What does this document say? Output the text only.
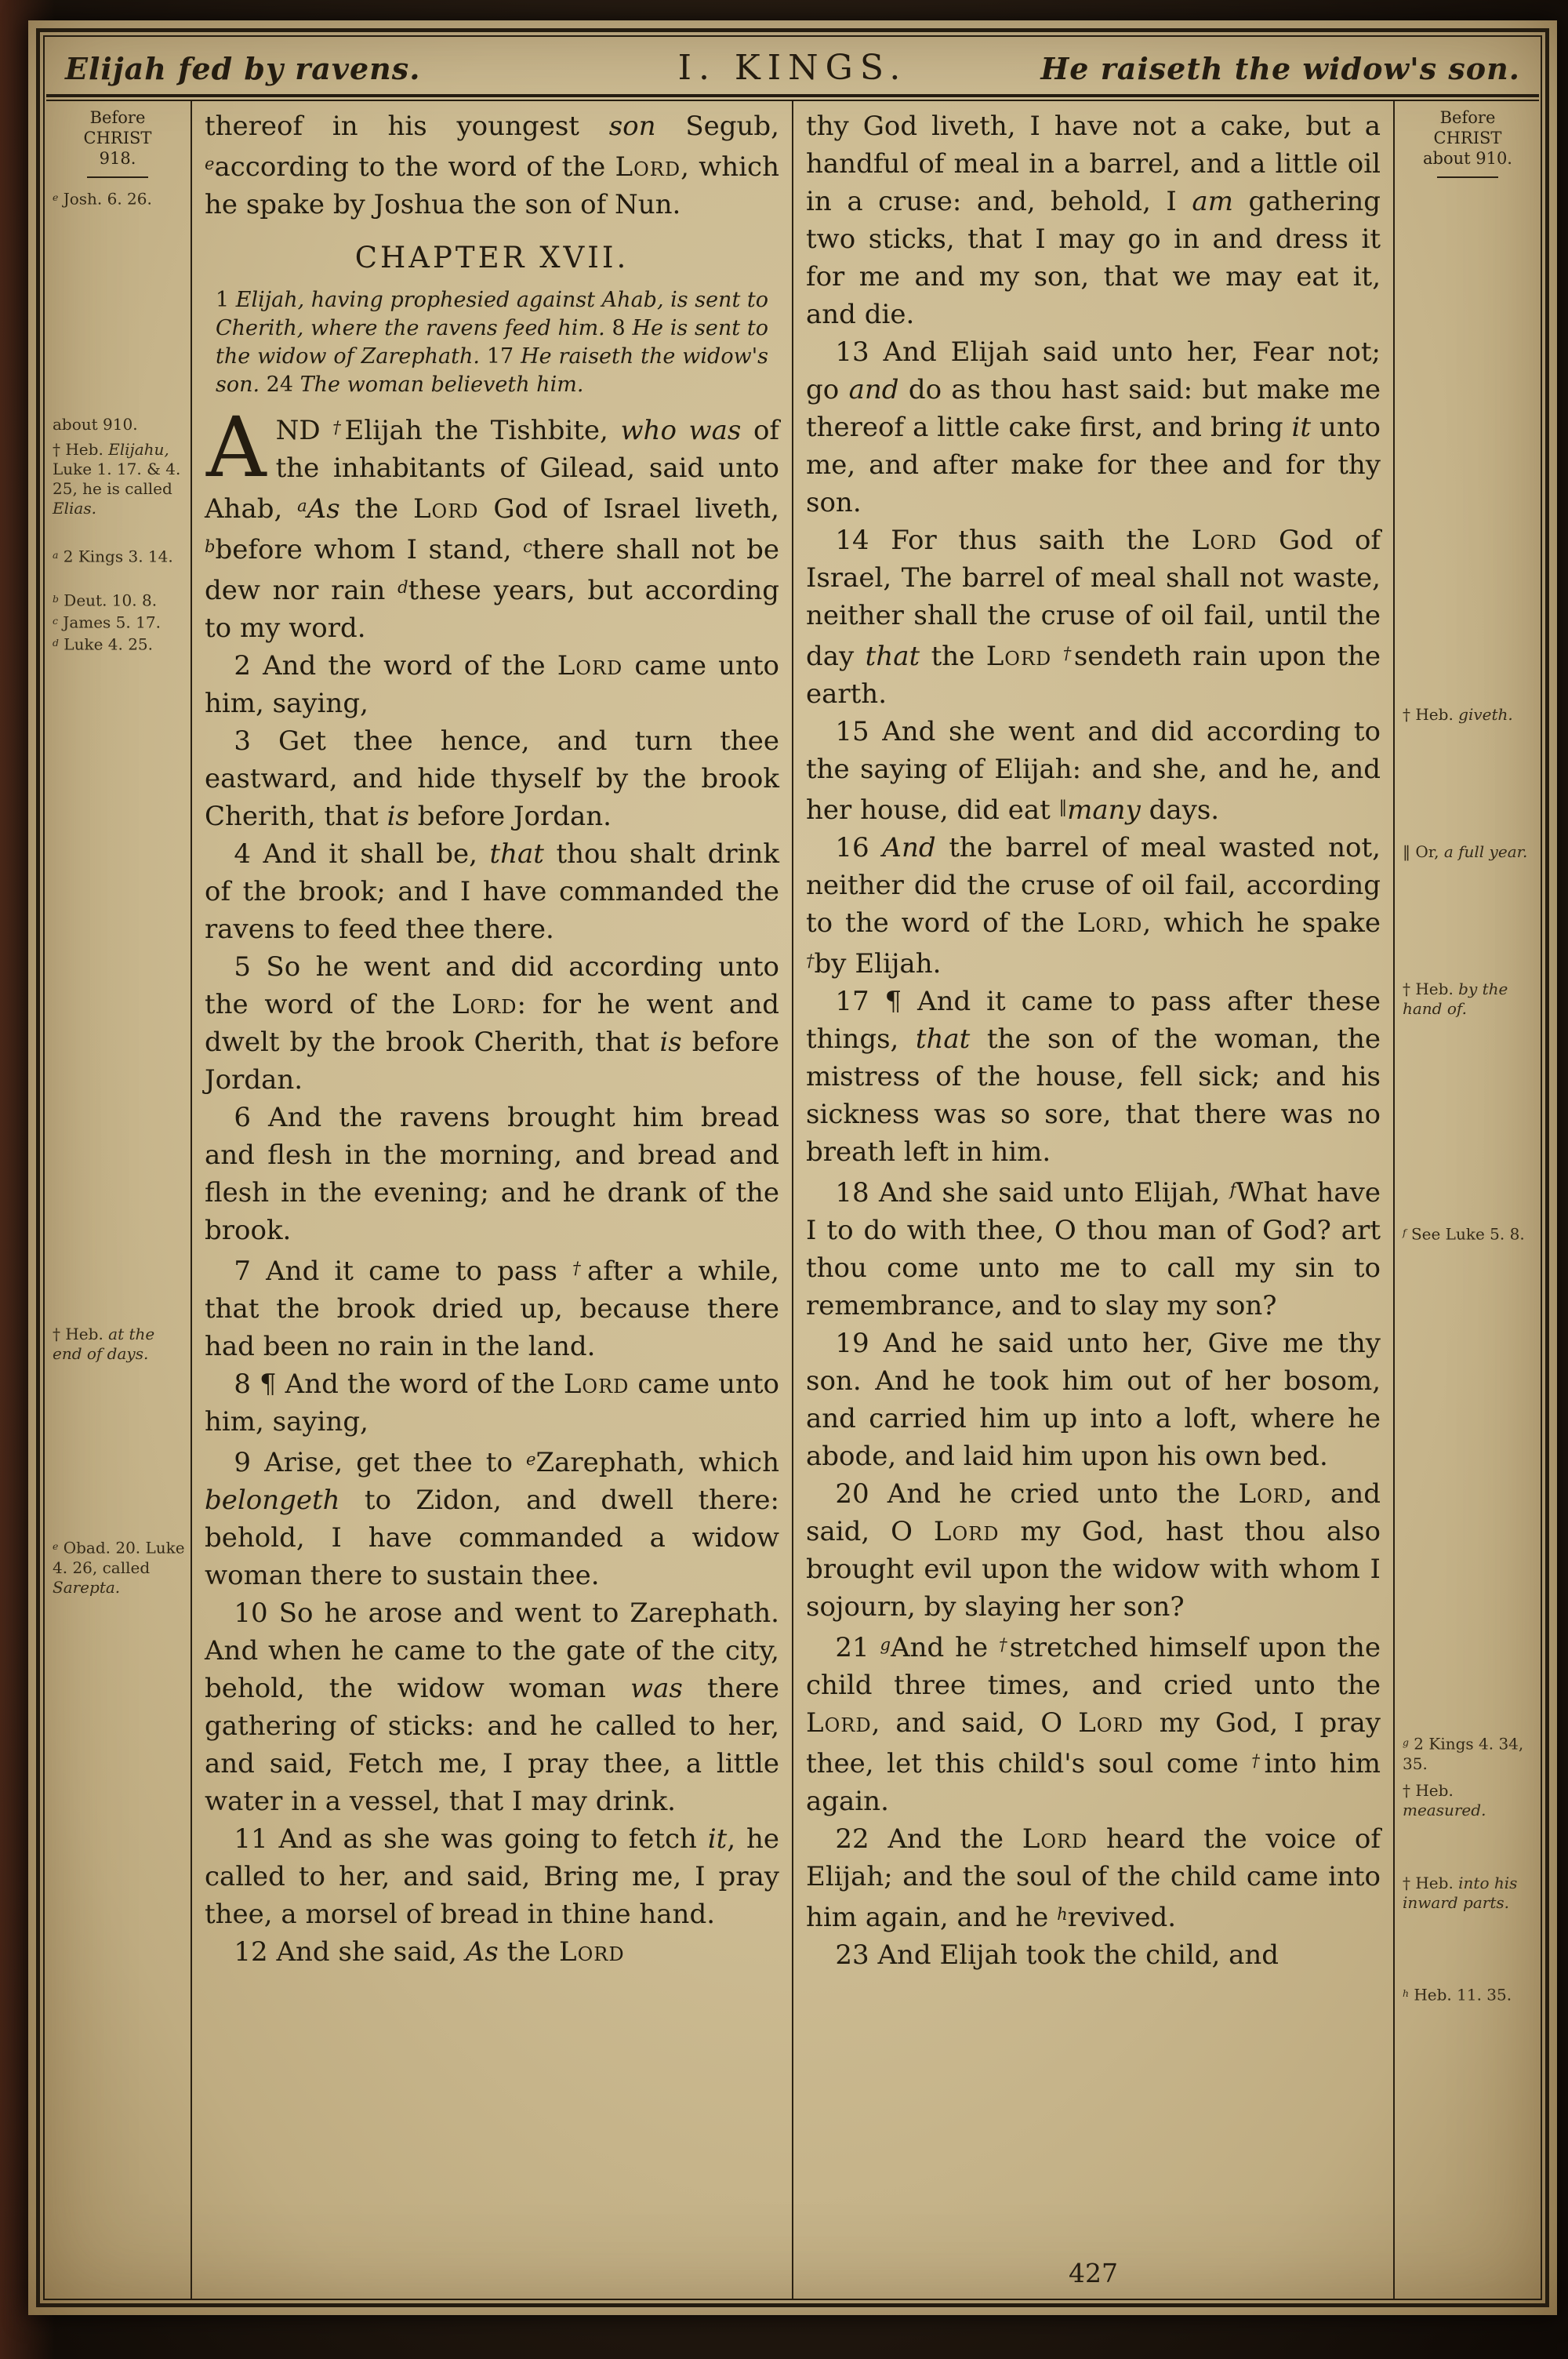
Elijah fed by ravens.	I. KINGS.	He raiseth the widow's son.
Before
CHRIST
918.
$^e$ Josh. 6. 26.
about 910.
† Heb. Elijahu, Luke 1. 17. & 4. 25, he is called Elias.
$^a$ 2 Kings 3. 14.
$^b$ Deut. 10. 8.
$^c$ James 5. 17.
$^d$ Luke 4. 25.
† Heb. at the end of days.
$^e$ Obad. 20. Luke 4. 26, called Sarepta.

thereof in his youngest son Segub, $^e$according to the word of the Lord, which he spake by Joshua the son of Nun.

CHAPTER XVII.

1 Elijah, having prophesied against Ahab, is sent to Cherith, where the ravens feed him. 8 He is sent to the widow of Zarephath. 17 He raiseth the widow's son. 24 The woman believeth him.

AND †Elijah the Tishbite, who was of the inhabitants of Gilead, said unto Ahab, $^a$As the Lord God of Israel liveth, $^b$before whom I stand, $^c$there shall not be dew nor rain $^d$these years, but according to my word.

2 And the word of the Lord came unto him, saying,

3 Get thee hence, and turn thee eastward, and hide thyself by the brook Cherith, that is before Jordan.

4 And it shall be, that thou shalt drink of the brook; and I have commanded the ravens to feed thee there.

5 So he went and did according unto the word of the Lord: for he went and dwelt by the brook Cherith, that is before Jordan.

6 And the ravens brought him bread and flesh in the morning, and bread and flesh in the evening; and he drank of the brook.

7 And it came to pass †after a while, that the brook dried up, because there had been no rain in the land.

8 ¶ And the word of the Lord came unto him, saying,

9 Arise, get thee to $^e$Zarephath, which belongeth to Zidon, and dwell there: behold, I have commanded a widow woman there to sustain thee.

10 So he arose and went to Zarephath. And when he came to the gate of the city, behold, the widow woman was there gathering of sticks: and he called to her, and said, Fetch me, I pray thee, a little water in a vessel, that I may drink.

11 And as she was going to fetch it, he called to her, and said, Bring me, I pray thee, a morsel of bread in thine hand.

12 And she said, As the Lord

thy God liveth, I have not a cake, but a handful of meal in a barrel, and a little oil in a cruse: and, behold, I am gathering two sticks, that I may go in and dress it for me and my son, that we may eat it, and die.

13 And Elijah said unto her, Fear not; go and do as thou hast said: but make me thereof a little cake first, and bring it unto me, and after make for thee and for thy son.

14 For thus saith the Lord God of Israel, The barrel of meal shall not waste, neither shall the cruse of oil fail, until the day that the Lord †sendeth rain upon the earth.

15 And she went and did according to the saying of Elijah: and she, and he, and her house, did eat ‖many days.

16 And the barrel of meal wasted not, neither did the cruse of oil fail, according to the word of the Lord, which he spake †by Elijah.

17 ¶ And it came to pass after these things, that the son of the woman, the mistress of the house, fell sick; and his sickness was so sore, that there was no breath left in him.

18 And she said unto Elijah, $^f$What have I to do with thee, O thou man of God? art thou come unto me to call my sin to remembrance, and to slay my son?

19 And he said unto her, Give me thy son. And he took him out of her bosom, and carried him up into a loft, where he abode, and laid him upon his own bed.

20 And he cried unto the Lord, and said, O Lord my God, hast thou also brought evil upon the widow with whom I sojourn, by slaying her son?

21 $^g$And he †stretched himself upon the child three times, and cried unto the Lord, and said, O Lord my God, I pray thee, let this child's soul come †into him again.

22 And the Lord heard the voice of Elijah; and the soul of the child came into him again, and he $^h$revived.

23 And Elijah took the child, and

427
Before
CHRIST
about 910.
† Heb. giveth.
‖ Or, a full year.
† Heb. by the hand of.
$^f$ See Luke 5. 8.
$^g$ 2 Kings 4. 34, 35.
† Heb. measured.
† Heb. into his inward parts.
$^h$ Heb. 11. 35.
